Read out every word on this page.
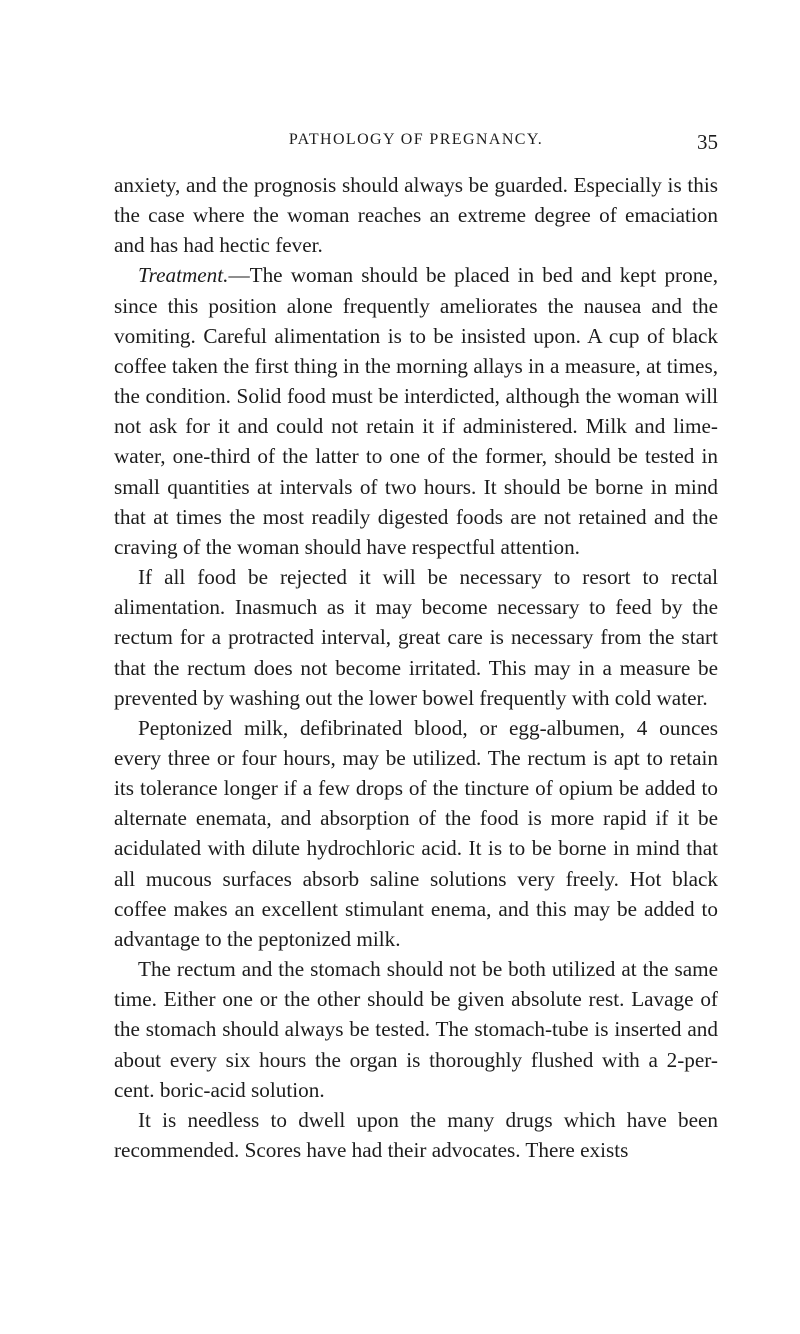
PATHOLOGY OF PREGNANCY.	35

anxiety, and the prognosis should always be guarded. Especially is this the case where the woman reaches an extreme degree of emaciation and has had hectic fever.

Treatment.—The woman should be placed in bed and kept prone, since this position alone frequently ameliorates the nausea and the vomiting. Careful alimentation is to be insisted upon. A cup of black coffee taken the first thing in the morning allays in a measure, at times, the condition. Solid food must be interdicted, although the woman will not ask for it and could not retain it if administered. Milk and lime-water, one-third of the latter to one of the former, should be tested in small quantities at intervals of two hours. It should be borne in mind that at times the most readily digested foods are not retained and the craving of the woman should have respectful attention.

If all food be rejected it will be necessary to resort to rectal alimentation. Inasmuch as it may become necessary to feed by the rectum for a protracted interval, great care is necessary from the start that the rectum does not become irritated. This may in a measure be prevented by washing out the lower bowel frequently with cold water.

Peptonized milk, defibrinated blood, or egg-albumen, 4 ounces every three or four hours, may be utilized. The rectum is apt to retain its tolerance longer if a few drops of the tincture of opium be added to alternate enemata, and absorption of the food is more rapid if it be acidulated with dilute hydrochloric acid. It is to be borne in mind that all mucous surfaces absorb saline solutions very freely. Hot black coffee makes an excellent stimulant enema, and this may be added to advantage to the peptonized milk.

The rectum and the stomach should not be both utilized at the same time. Either one or the other should be given absolute rest. Lavage of the stomach should always be tested. The stomach-tube is inserted and about every six hours the organ is thoroughly flushed with a 2-per-cent. boric-acid solution.

It is needless to dwell upon the many drugs which have been recommended. Scores have had their advocates. There exists
